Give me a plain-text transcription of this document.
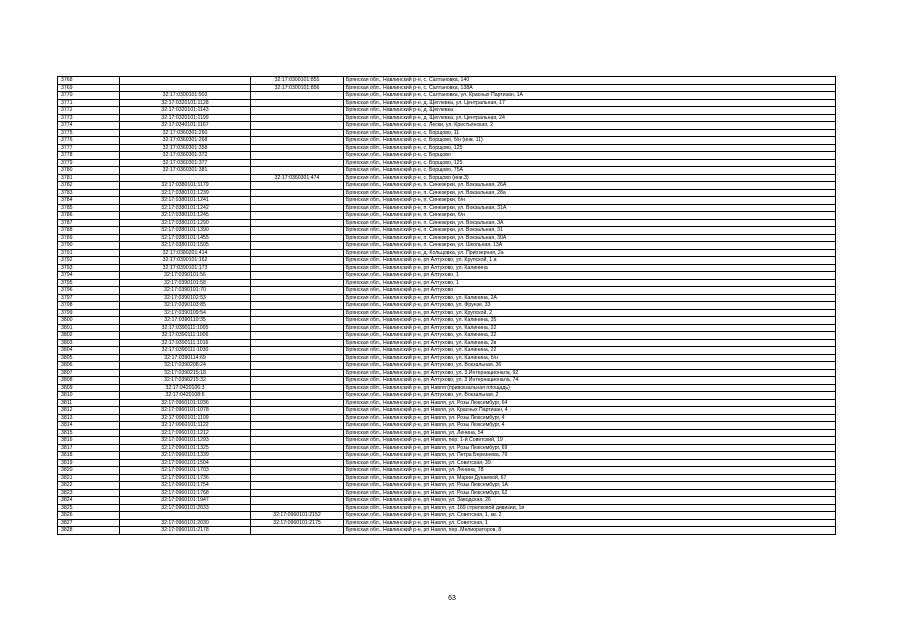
3768		32:17:0300101:855	Брянская обл., Навлинский р-н, с. Салтановка, 140
3769		32:17:0300101:856	Брянская обл., Навлинский р-н, с. Салтановка, 138А
3770	32:17:0300101:903		Брянская обл., Навлинский р-н, с. Салтановка, ул. Красных Партизан, 1А
3771	32:17:0320101:1128		Брянская обл., Навлинский р-н, д. Щеглевка, ул. Центральная, 17
3772	32:17:0320101:1143		Брянская обл., Навлинский р-н, д. Щеглевка
3773	32:17:0320101:1199		Брянская обл., Навлинский р-н, д. Щеглевка, ул. Центральная, 24
3774	32:17:0340101:1167		Брянская обл., Навлинский р-н, с. Лески, ул. Крестьянская, 2
3775	32:17:0360301:260		Брянская обл., Навлинский р-н, с. Борщово, 11
3776	32:17:0360301:268		Брянская обл., Навлинский р-н, с. Борщово, б/н (инв. 11)
3777	32:17:0360301:358		Брянская обл., Навлинский р-н, с. Борщово, 125
3778	32:17:0360301:372		Брянская обл., Навлинский р-н, с. Борщово
3779	32:17:0360301:377		Брянская обл., Навлинский р-н, с. Борщово, 125
3780	32:17:0360301:381		Брянская обл., Навлинский р-н, с. Борщово, 75А
3781		32:17:0360301:474	Брянская обл., Навлинский р-н, с. Борщово (инв.3)
3782	32:17:0380101:1179		Брянская обл., Навлинский р-н, п. Синезерки, ул. Вокзальная, 26А
3783	32:17:0380101:1239		Брянская обл., Навлинский р-н, п. Синезерки, ул. Вокзальная, 28а
3784	32:17:0380101:1241		Брянская обл., Навлинский р-н, п. Синезерки, б/н
3785	32:17:0380101:1242		Брянская обл., Навлинский р-н, п. Синезерки, ул. Вокзальная, 31А
3786	32:17:0380101:1245		Брянская обл., Навлинский р-н, п. Синезерки, б/н
3787	32:17:0380101:1290		Брянская обл., Навлинский р-н, п. Синезерки, ул. Вокзальная, 3А
3788	32:17:0380101:1390		Брянская обл., Навлинский р-н, п. Синезерки, ул. Вокзальная, 31
3789	32:17:0380101:1455		Брянская обл., Навлинский р-н, п. Синезерки, ул. Вокзальная, 30А
3790	32:17:0380101:1505		Брянская обл., Навлинский р-н, п. Синезерки, ул. Школьная, 13А
3791	32:17:0380201:414		Брянская обл., Навлинский р-н, д. Кольцовка, ул. Приозерная, 2а
3792	32:17:0390101:162		Брянская обл., Навлинский р-н, рп Алтухово, ул. Крупской, 1 а
3793	32:17:0390101:173		Брянская обл., Навлинский р-н, рп Алтухово, ул. Калинина
3794	32:17:0390101:56		Брянская обл., Навлинский р-н, рп Алтухово, 1
3795	32:17:0390101:58		Брянская обл., Навлинский р-н, рп Алтухово, 1
3796	32:17:0390101:70		Брянская обл., Навлинский р-н, рп Алтухово
3797	32:17:0390102:53		Брянская обл., Навлинский р-н, рп Алтухово, ул. Калинина, 2А
3798	32:17:0390103:85		Брянская обл., Навлинский р-н, рп Алтухово, ул. Фрунзе, 33
3799	32:17:0390109:54		Брянская обл., Навлинский р-н, рп Алтухово, ул. Крупской, 2
3800	32:17:0390110:35		Брянская обл., Навлинский р-н, рп Алтухово, ул. Калинина, 35
3801	32:17:0390111:1005		Брянская обл., Навлинский р-н, рп Алтухово, ул. Калинина, 22
3802	32:17:0390111:1006		Брянская обл., Навлинский р-н, рп Алтухово, ул. Калинина, 32
3803	32:17:0390111:1016		Брянская обл., Навлинский р-н, рп Алтухово, ул. Калинина, 2в
3804	32:17:0390111:1030		Брянская обл., Навлинский р-н, рп Алтухово, ул. Калинина, 22
3805	32:17:0390114:69		Брянская обл., Навлинский р-н, рп Алтухово, ул. Калинина, б/н
3806	32:17:0390208:24		Брянская обл., Навлинский р-н, рп Алтухово, ул. Вокзальная, 36
3807	32:17:0390215:18		Брянская обл., Навлинский р-н, рп Алтухово, ул. 3 Интернационала, 92
3808	32:17:0390215:32		Брянская обл., Навлинский р-н, рп Алтухово, ул. 3 Интернационала, 74
3809	32:17:0420106:3		Брянская обл., Навлинский р-н, рп Навля (привокзальная площадь)
3810	32:17:0420108:6		Брянская обл., Навлинский р-н, рп Алтухово, ул. Вокзальная, 2
3811	32:17:0960101:1036		Брянская обл., Навлинский р-н, рп Навля, ул. Розы Люксембург, 64
3812	32:17:0960101:1078		Брянская обл., Навлинский р-н, рп Навля, ул. Красных Партизан, 4
3813	32:17:0960101:1109		Брянская обл., Навлинский р-н, рп Навля, ул. Розы Люксембург, 4
3814	32:17:0960101:1122		Брянская обл., Навлинский р-н, рп Навля, ул. Розы Люксембург, 4
3815	32:17:0960101:1212		Брянская обл., Навлинский р-н, рп Навля, ул. Ленина, 54
3816	32:17:0960101:1293		Брянская обл., Навлинский р-н, рп Навля, пер. 1-й Советский, 19
3817	32:17:0960101:1325		Брянская обл., Навлинский р-н, рп Навля, ул. Розы Люксембург, 69
3818	32:17:0960101:1339		Брянская обл., Навлинский р-н, рп Навля, ул. Петра Березнева, 79
3819	32:17:0960101:1504		Брянская обл., Навлинский р-н, рп Навля, ул. Советская, 39
3820	32:17:0960101:1703		Брянская обл., Навлинский р-н, рп Навля, ул. Ленина, 78
3821	32:17:0960101:1736		Брянская обл., Навлинский р-н, рп Навля, ул. Марии Дунаевой, 67
3822	32:17:0960101:1754		Брянская обл., Навлинский р-н, рп Навля, ул. Розы Люксембург, 1А
3823	32:17:0960101:1768		Брянская обл., Навлинский р-н, рп Навля, ул. Розы Люксембург, 62
3824	32:17:0960101:1947		Брянская обл., Навлинский р-н, рп Навля, ул. Заводская, 26
3825	32:17:0960101:2033		Брянская обл., Навлинский р-н, рп Навля, ул. 169 стрелковой дивизии, 1в
3826		32:17:0960101:2152	Брянская обл., Навлинский р-н, рп Навля, ул. Советская, 1, кв. 2
3827	32:17:0960101:2030	32:17:0960101:2175	Брянская обл., Навлинский р-н, рп Навля, ул. Советская, 1
3828	32:17:0960101:2178		Брянская обл., Навлинский р-н, рп Навля, пер. Мелиораторов, 8
63
